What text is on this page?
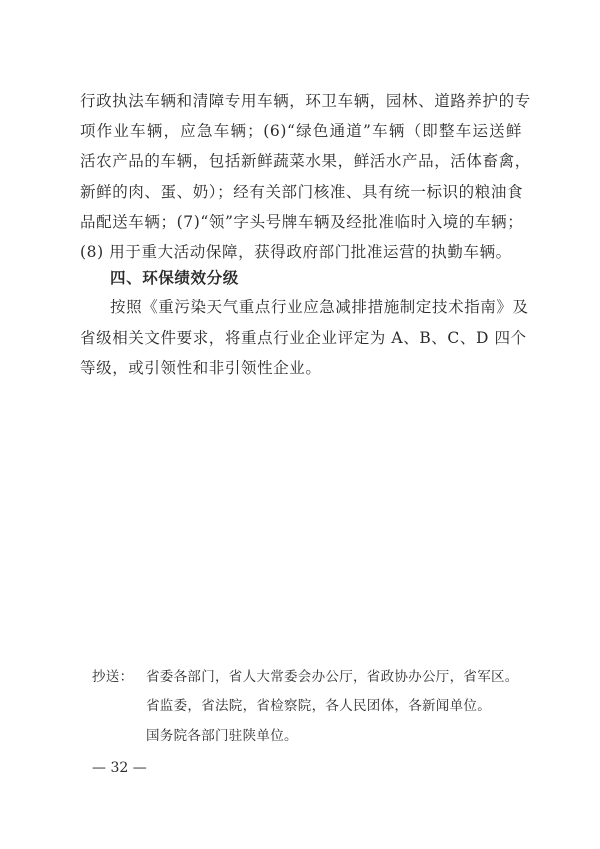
行政执法车辆和清障专用车辆，环卫车辆，园林、道路养护的专
项作业车辆，应急车辆；(6)“绿色通道”车辆（即整车运送鲜
活农产品的车辆，包括新鲜蔬菜水果，鲜活水产品，活体畜禽，
新鲜的肉、蛋、奶）；经有关部门核准、具有统一标识的粮油食
品配送车辆；(7)“领”字头号牌车辆及经批准临时入境的车辆；
(8) 用于重大活动保障，获得政府部门批准运营的执勤车辆。
四、环保绩效分级
按照《重污染天气重点行业应急减排措施制定技术指南》及
省级相关文件要求，将重点行业企业评定为 A、B、C、D 四个
等级，或引领性和非引领性企业。
抄送： 省委各部门，省人大常委会办公厅，省政协办公厅，省军区。
省监委，省法院，省检察院，各人民团体，各新闻单位。
国务院各部门驻陕单位。
— 32 —
